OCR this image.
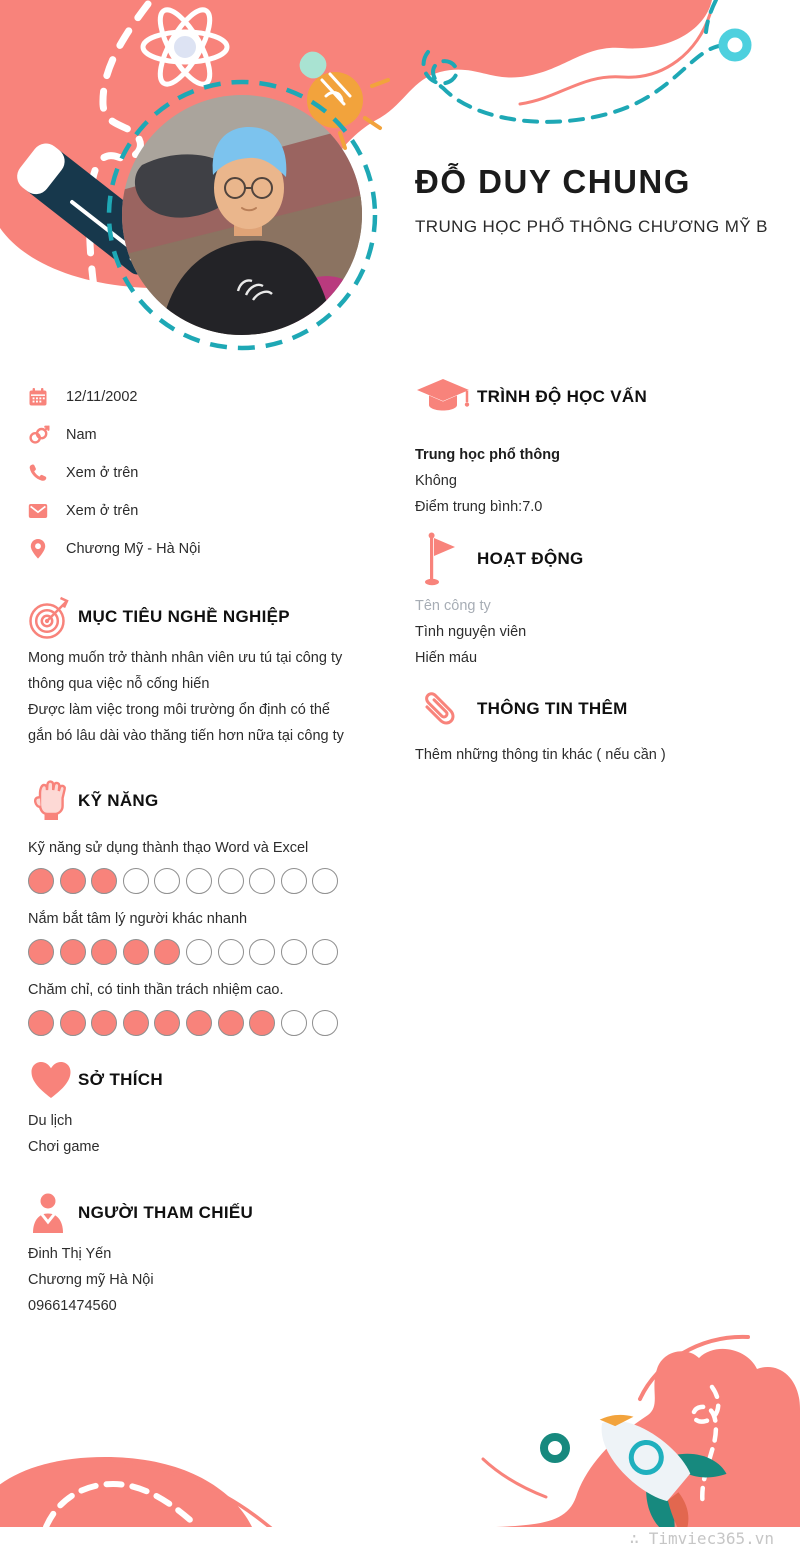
ĐỖ DUY CHUNG
TRUNG HỌC PHỔ THÔNG CHƯƠNG MỸ B
12/11/2002
Nam
Xem ở trên
Xem ở trên
Chương Mỹ - Hà Nội
MỤC TIÊU NGHỀ NGHIỆP

Mong muốn trở thành nhân viên ưu tú tại công ty thông qua việc nỗ cống hiến

Được làm việc trong môi trường ổn định có thể gắn bó lâu dài vào thăng tiến hơn nữa tại công ty

KỸ NĂNG
Kỹ năng sử dụng thành thạo Word và Excel
Nắm bắt tâm lý người khác nhanh
Chăm chỉ, có tinh thần trách nhiệm cao.
SỞ THÍCH
Du lịch
Chơi game
NGƯỜI THAM CHIẾU
Đinh Thị Yến
Chương mỹ Hà Nội
09661474560
TRÌNH ĐỘ HỌC VẤN
Trung học phổ thông
Không
Điểm trung bình:7.0
HOẠT ĐỘNG
Tên công ty
Tình nguyện viên
Hiến máu
THÔNG TIN THÊM
Thêm những thông tin khác ( nếu cần )
∴ Timviec365.vn
